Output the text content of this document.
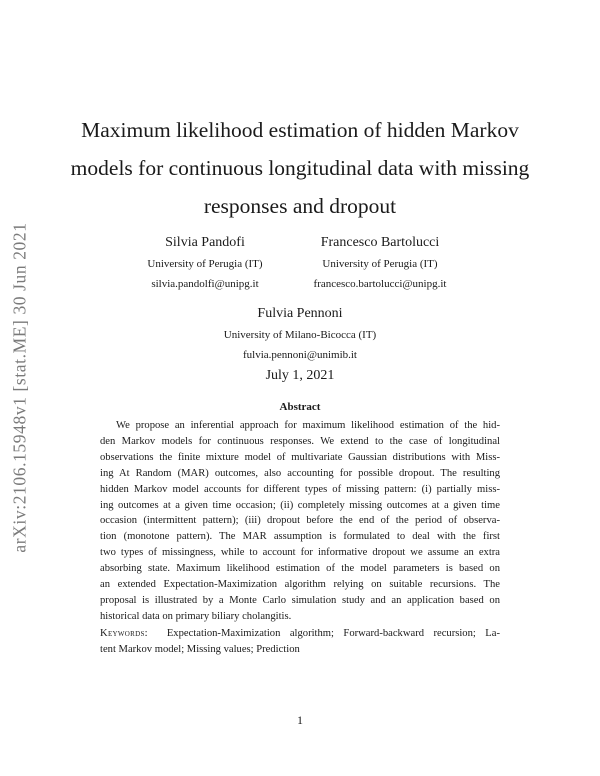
arXiv:2106.15948v1 [stat.ME] 30 Jun 2021
Maximum likelihood estimation of hidden Markov
models for continuous longitudinal data with missing
responses and dropout
Silvia Pandofi
University of Perugia (IT)
silvia.pandolfi@unipg.it
Francesco Bartolucci
University of Perugia (IT)
francesco.bartolucci@unipg.it
Fulvia Pennoni
University of Milano-Bicocca (IT)
fulvia.pennoni@unimib.it
July 1, 2021
Abstract
We propose an inferential approach for maximum likelihood estimation of the hid-
den Markov models for continuous responses. We extend to the case of longitudinal
observations the finite mixture model of multivariate Gaussian distributions with Miss-
ing At Random (MAR) outcomes, also accounting for possible dropout. The resulting
hidden Markov model accounts for different types of missing pattern: (i) partially miss-
ing outcomes at a given time occasion; (ii) completely missing outcomes at a given time
occasion (intermittent pattern); (iii) dropout before the end of the period of observa-
tion (monotone pattern). The MAR assumption is formulated to deal with the first
two types of missingness, while to account for informative dropout we assume an extra
absorbing state. Maximum likelihood estimation of the model parameters is based on
an extended Expectation-Maximization algorithm relying on suitable recursions. The
proposal is illustrated by a Monte Carlo simulation study and an application based on
historical data on primary biliary cholangitis.
Keywords: Expectation-Maximization algorithm; Forward-backward recursion; La-
tent Markov model; Missing values; Prediction
1
